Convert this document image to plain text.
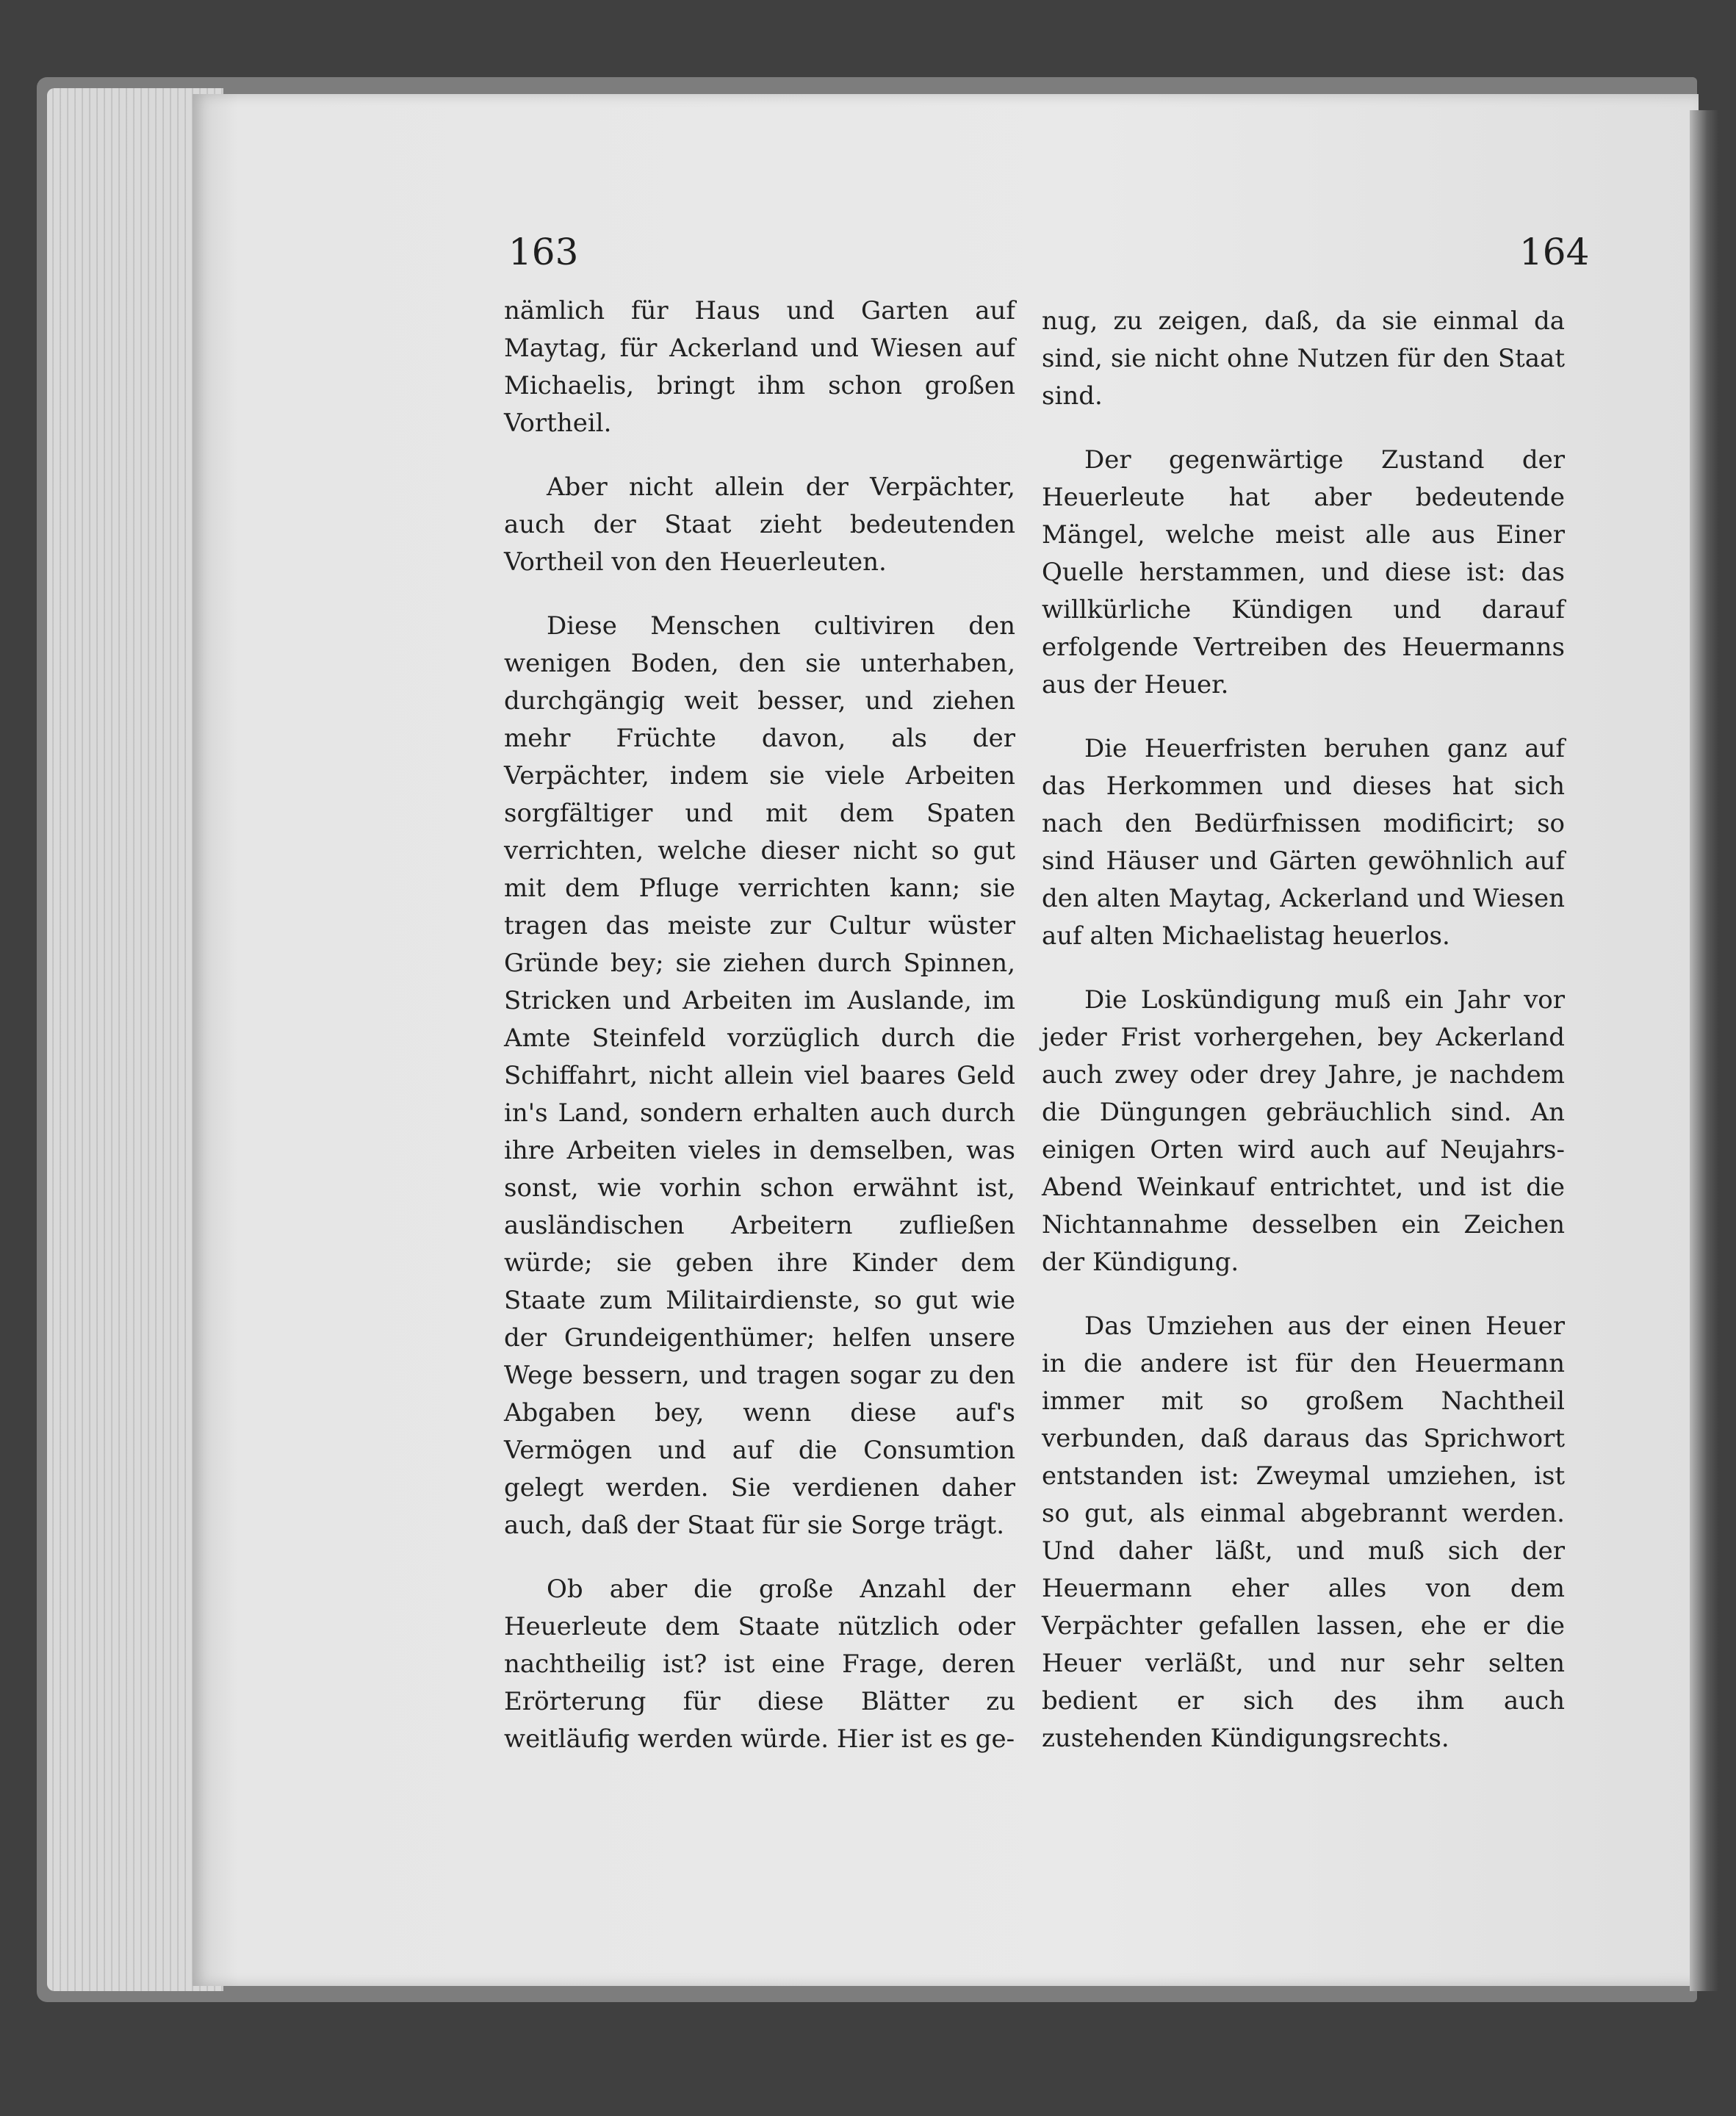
163	164

nämlich für Haus und Garten auf Maytag, für Ackerland und Wiesen auf Michaelis, bringt ihm schon großen Vortheil.

Aber nicht allein der Verpächter, auch der Staat zieht bedeutenden Vortheil von den Heuerleuten.

Diese Menschen cultiviren den wenigen Boden, den sie unterhaben, durchgängig weit besser, und ziehen mehr Früchte davon, als der Verpächter, indem sie viele Arbeiten sorgfältiger und mit dem Spaten verrichten, welche dieser nicht so gut mit dem Pfluge verrichten kann; sie tragen das meiste zur Cultur wüster Gründe bey; sie ziehen durch Spinnen, Stricken und Arbeiten im Auslande, im Amte Steinfeld vorzüglich durch die Schiffahrt, nicht allein viel baares Geld in's Land, sondern erhalten auch durch ihre Arbeiten vieles in demselben, was sonst, wie vorhin schon erwähnt ist, ausländischen Arbeitern zufließen würde; sie geben ihre Kinder dem Staate zum Militairdienste, so gut wie der Grundeigenthümer; helfen unsere Wege bessern, und tragen sogar zu den Abgaben bey, wenn diese auf's Vermögen und auf die Consumtion gelegt werden. Sie verdienen daher auch, daß der Staat für sie Sorge trägt.

Ob aber die große Anzahl der Heuerleute dem Staate nützlich oder nachtheilig ist? ist eine Frage, deren Erörterung für diese Blätter zu weitläufig werden würde. Hier ist es ge-

nug, zu zeigen, daß, da sie einmal da sind, sie nicht ohne Nutzen für den Staat sind.

Der gegenwärtige Zustand der Heuerleute hat aber bedeutende Mängel, welche meist alle aus Einer Quelle herstammen, und diese ist: das willkürliche Kündigen und darauf erfolgende Vertreiben des Heuermanns aus der Heuer.

Die Heuerfristen beruhen ganz auf das Herkommen und dieses hat sich nach den Bedürfnissen modificirt; so sind Häuser und Gärten gewöhnlich auf den alten Maytag, Ackerland und Wiesen auf alten Michaelistag heuerlos.

Die Loskündigung muß ein Jahr vor jeder Frist vorhergehen, bey Ackerland auch zwey oder drey Jahre, je nachdem die Düngungen gebräuchlich sind. An einigen Orten wird auch auf Neujahrs-Abend Weinkauf entrichtet, und ist die Nichtannahme desselben ein Zeichen der Kündigung.

Das Umziehen aus der einen Heuer in die andere ist für den Heuermann immer mit so großem Nachtheil verbunden, daß daraus das Sprichwort entstanden ist: Zweymal umziehen, ist so gut, als einmal abgebrannt werden. Und daher läßt, und muß sich der Heuermann eher alles von dem Verpächter gefallen lassen, ehe er die Heuer verläßt, und nur sehr selten bedient er sich des ihm auch zustehenden Kündigungsrechts.
